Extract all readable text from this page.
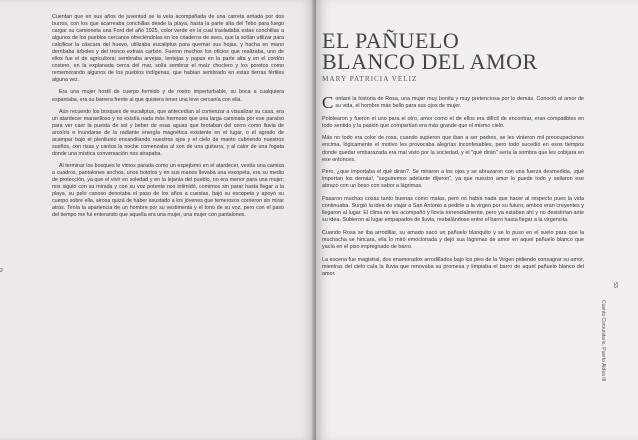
Cuentan que en sus años de juventud se la veía acompañada de una carreta arriada por dos burros, con los que acarreaba conchillas desde la playa, hasta la parte alta del Tebo para luego cargar su camioneta una Ford del año 1925, color verde en la cual trasladaba estas conchillas a algunos de los pueblos cercanos ofreciéndolas en los criaderos de aves, que la solían utilizar para calcificar la cáscara del huevo, utilizaba eucaliptus para quemar sus hojas, y hacha en mano derribaba árboles y del tronco extraía carbón. Fueron muchos los oficios que realizaba, uno de ellos fue el de agricultora; sembraba arvejas, lentejas y papas en la parte alta y en el cordón costero, en la explanada cerca del mar, solía sembrar el maíz choclero y los porotos como rememorando algunos de los pueblos indígenas, que habían sembrado en estas tierras fértiles alguna vez.

Era una mujer hostil de cuerpo formido y de rostro imperturbable, su boca a cualquiera espantaba, era su barrera frente al que quisiera tener una leve cercanía con ella.

Aún recuerdo los bosques de eucaliptus, que antecedían al comenzar a visualizar su casa, era un atardecer maravilloso y no existía nada más hermoso que una larga caminata por ese paraíso para ver caer la puesta de sol y beber de esas aguas que brotaban del cerro como lluvia de arcoíris e inundarse de la radiante energía magnética existente en el lugar, o el agrado de acampar bajo el plenilunio encandilando nuestros ojos y el cielo de manto cubriendo nuestros sueños, con risas y cantos la noche comenzaba al son de una guitarra, y al calor de una fogata donde una mística conversación nos atrapaba.

Al terminar los bosques le vimos parada como un espejismo en el atardecer, vestía una camisa a cuadros, pantalones anchos, unos bototos y en sus manos llevaba una escopeta, era su medio de protección, ya que el vivir en soledad y en la lejanía del pueblo, no era menor para una mujer; nos siguió con su mirada y con su voz potente nos intimidó, comimos sin parar hasta llegar a la playa, su pelo canoso denotaba el paso de los años a cuestas, bajó su escopeta y apoyó su cuerpo sobre ella, airosa quizá de haber asustado a los jóvenes que temerosos corrieron sin mirar atrás. Tenía la apariencia de un hombre por su vestimenta y el tono de su voz, pero con el paso del tiempo me fui enterando que aquella era una mujer, una mujer con pantalones.

2
EL PAÑUELO BLANCO DEL AMOR
MARY PATRICIA VELIZ

Contaré la historia de Rosa, una mujer muy bonita y muy pretenciosa por lo demás. Conoció al amor de su vida, el hombre más bello para sus ojos de mujer.

Pololearon y fueron el uno para el otro, amor como el de ellos era difícil de encontrar, eran compatibles en todo sentido y la pasión que compartían era más grande que el mismo cielo.

Más no todo era color de rosa, cuando supieron que iban a ser padres, se les vinieron mil preocupaciones encima, lógicamente el motivo les provocaba alegrías inconfesables, pero todo sucedió en esos tiempos donde quedar embarazada era mal visto por la sociedad, y el "qué dirán" sería la sombra que les cobijara en ese entonces.

Pero, ¿que importaba el qué dirán?. Se miraron a los ojos y se abrazaron con una fuerza desmedida, ¡qué importan los demás!, "seguiremos adelante díjeron", ya que nuestro amor lo puede todo y sellaron ese abrazo con un beso con sabor a lágrimas.

Pasaron muchas cosas tanto buenas como malas, pero no había nada que hacer al respecto pues la vida continuaba. Surgió la idea de viajar a San Antonio a pedirle a la virgen por su futuro, ambos eran creyentes y llegaron al lugar. El clima no les acompañó y llovía torrencialmente, pero ya estaban ahí y no desistirían ante su idea. Subieron al lugar empapados de lluvia, resbalándose entre el barro hasta llegar a la virgencita.

Cuando Rosa se iba arrodillar, su amado sacó un pañuelo blanquito y se lo puso en el suelo para que la muchacha se hincara, ella lo miró emocionada y dejó sus lágrimas de amor en aquel pañuelo blanco que yacía en el piso impregnado de barro.

La escena fue magistral, dos enamorados arrodillados bajo los pies de la Virgen pidiendo consagrar su amor, mientras del cielo caía la lluvia que renovaba su promesa y limpiaba el barro de aquel pañuelo blanco del amor.

53
Cuento Comunitario, Puerto Aldea III
